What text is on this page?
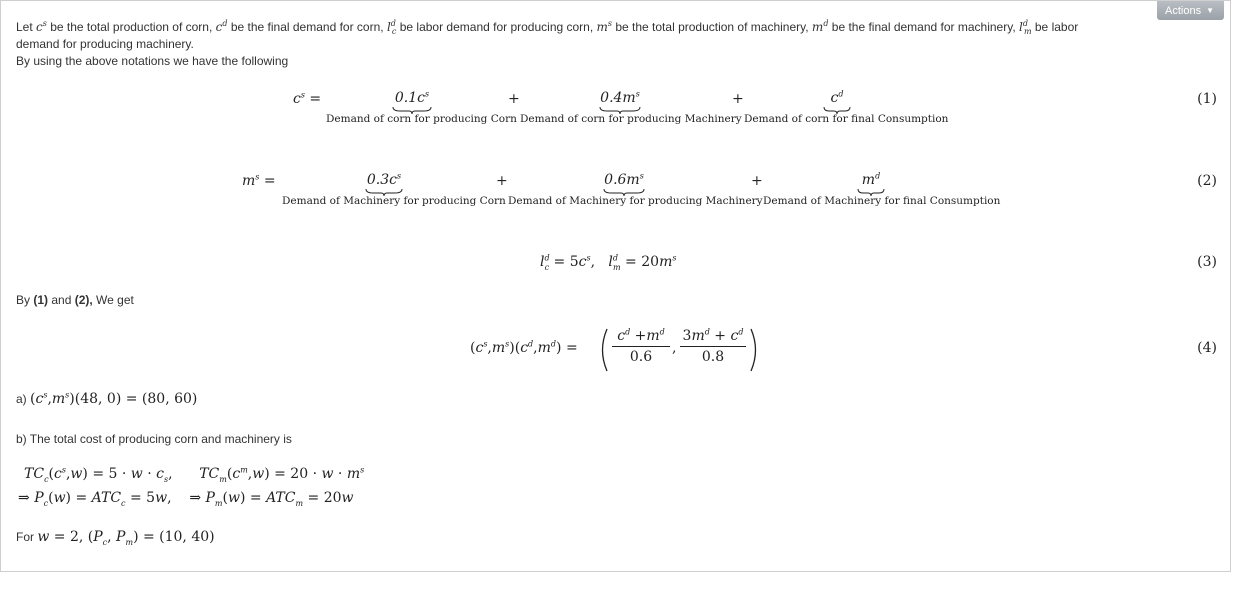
Actions ▼
Let $c^s$ be the total production of corn, $c^d$ be the final demand for corn, $l^d_c$ be labor demand for producing corn, $m^s$ be the total production of machinery, $m^d$ be the final demand for machinery, $l^d_m$ be labor
demand for producing machinery.
By using the above notations we have the following
$c^s$ =	$0.1c^s$
Demand of corn for producing Corn
+	$0.4m^s$
Demand of corn for producing Machinery
+	$c^d$
Demand of corn for final Consumption
(1)
$m^s$ =	$0.3c^s$
Demand of Machinery for producing Corn
+	$0.6m^s$
Demand of Machinery for producing Machinery
+	$m^d$
Demand of Machinery for final Consumption
(2)
$l^d_c = 5c^s$,   $l^d_m = 20m^s$	(3)
By (1) and (2), We get
$(c^s,m^s)(c^d,m^d)$ =
$c^d +m^d$
0.6
,
$3m^d + c^d$
0.8
(4)
a) $(c^s,m^s)(48$, 0) = (80, 60)
b) The total cost of producing corn and machinery is
$TC_c(c^s,w) = 5 \cdot w \cdot c_s$,      $TC_m(c^m,w) = 20 \cdot w \cdot m^s$
⇒ $P_c(w) = ATC_c = 5w$,    ⇒ $P_m(w) = ATC_m = 20w$
For w = 2, ($P_c$, $P_m) = (10$, 40)
